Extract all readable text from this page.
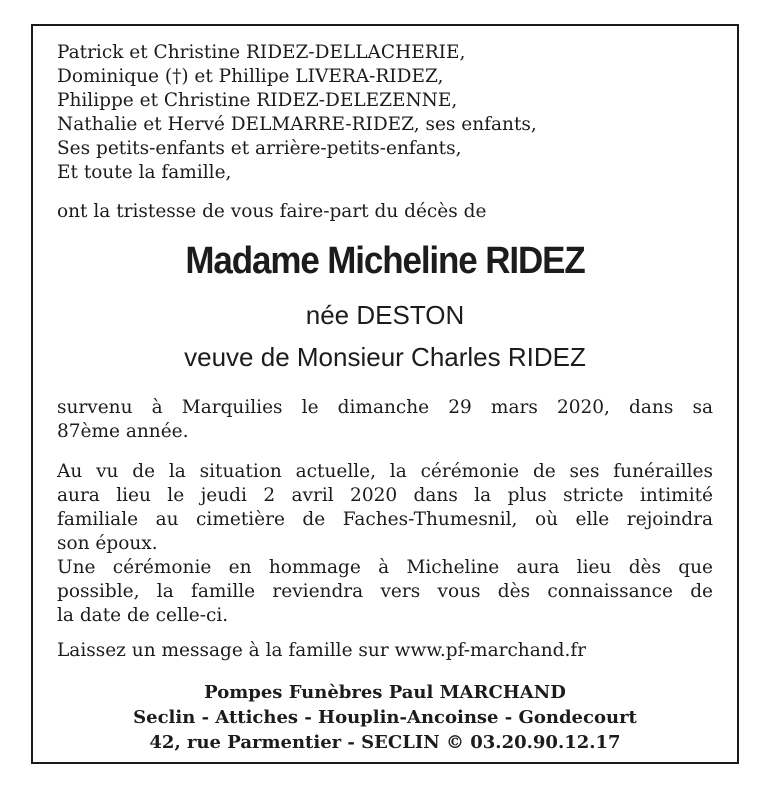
Patrick et Christine RIDEZ-DELLACHERIE,
Dominique (†) et Phillipe LIVERA-RIDEZ,
Philippe et Christine RIDEZ-DELEZENNE,
Nathalie et Hervé DELMARRE-RIDEZ, ses enfants,
Ses petits-enfants et arrière-petits-enfants,
Et toute la famille,
ont la tristesse de vous faire-part du décès de
Madame Micheline RIDEZ
née DESTON
veuve de Monsieur Charles RIDEZ
survenu à Marquilies le dimanche 29 mars 2020, dans sa
87ème année.
Au vu de la situation actuelle, la cérémonie de ses funérailles
aura lieu le jeudi 2 avril 2020 dans la plus stricte intimité
familiale au cimetière de Faches-Thumesnil, où elle rejoindra
son époux.
Une cérémonie en hommage à Micheline aura lieu dès que
possible, la famille reviendra vers vous dès connaissance de
la date de celle-ci.
Laissez un message à la famille sur www.pf-marchand.fr
Pompes Funèbres Paul MARCHAND
Seclin - Attiches - Houplin-Ancoinse - Gondecourt
42, rue Parmentier - SECLIN © 03.20.90.12.17
